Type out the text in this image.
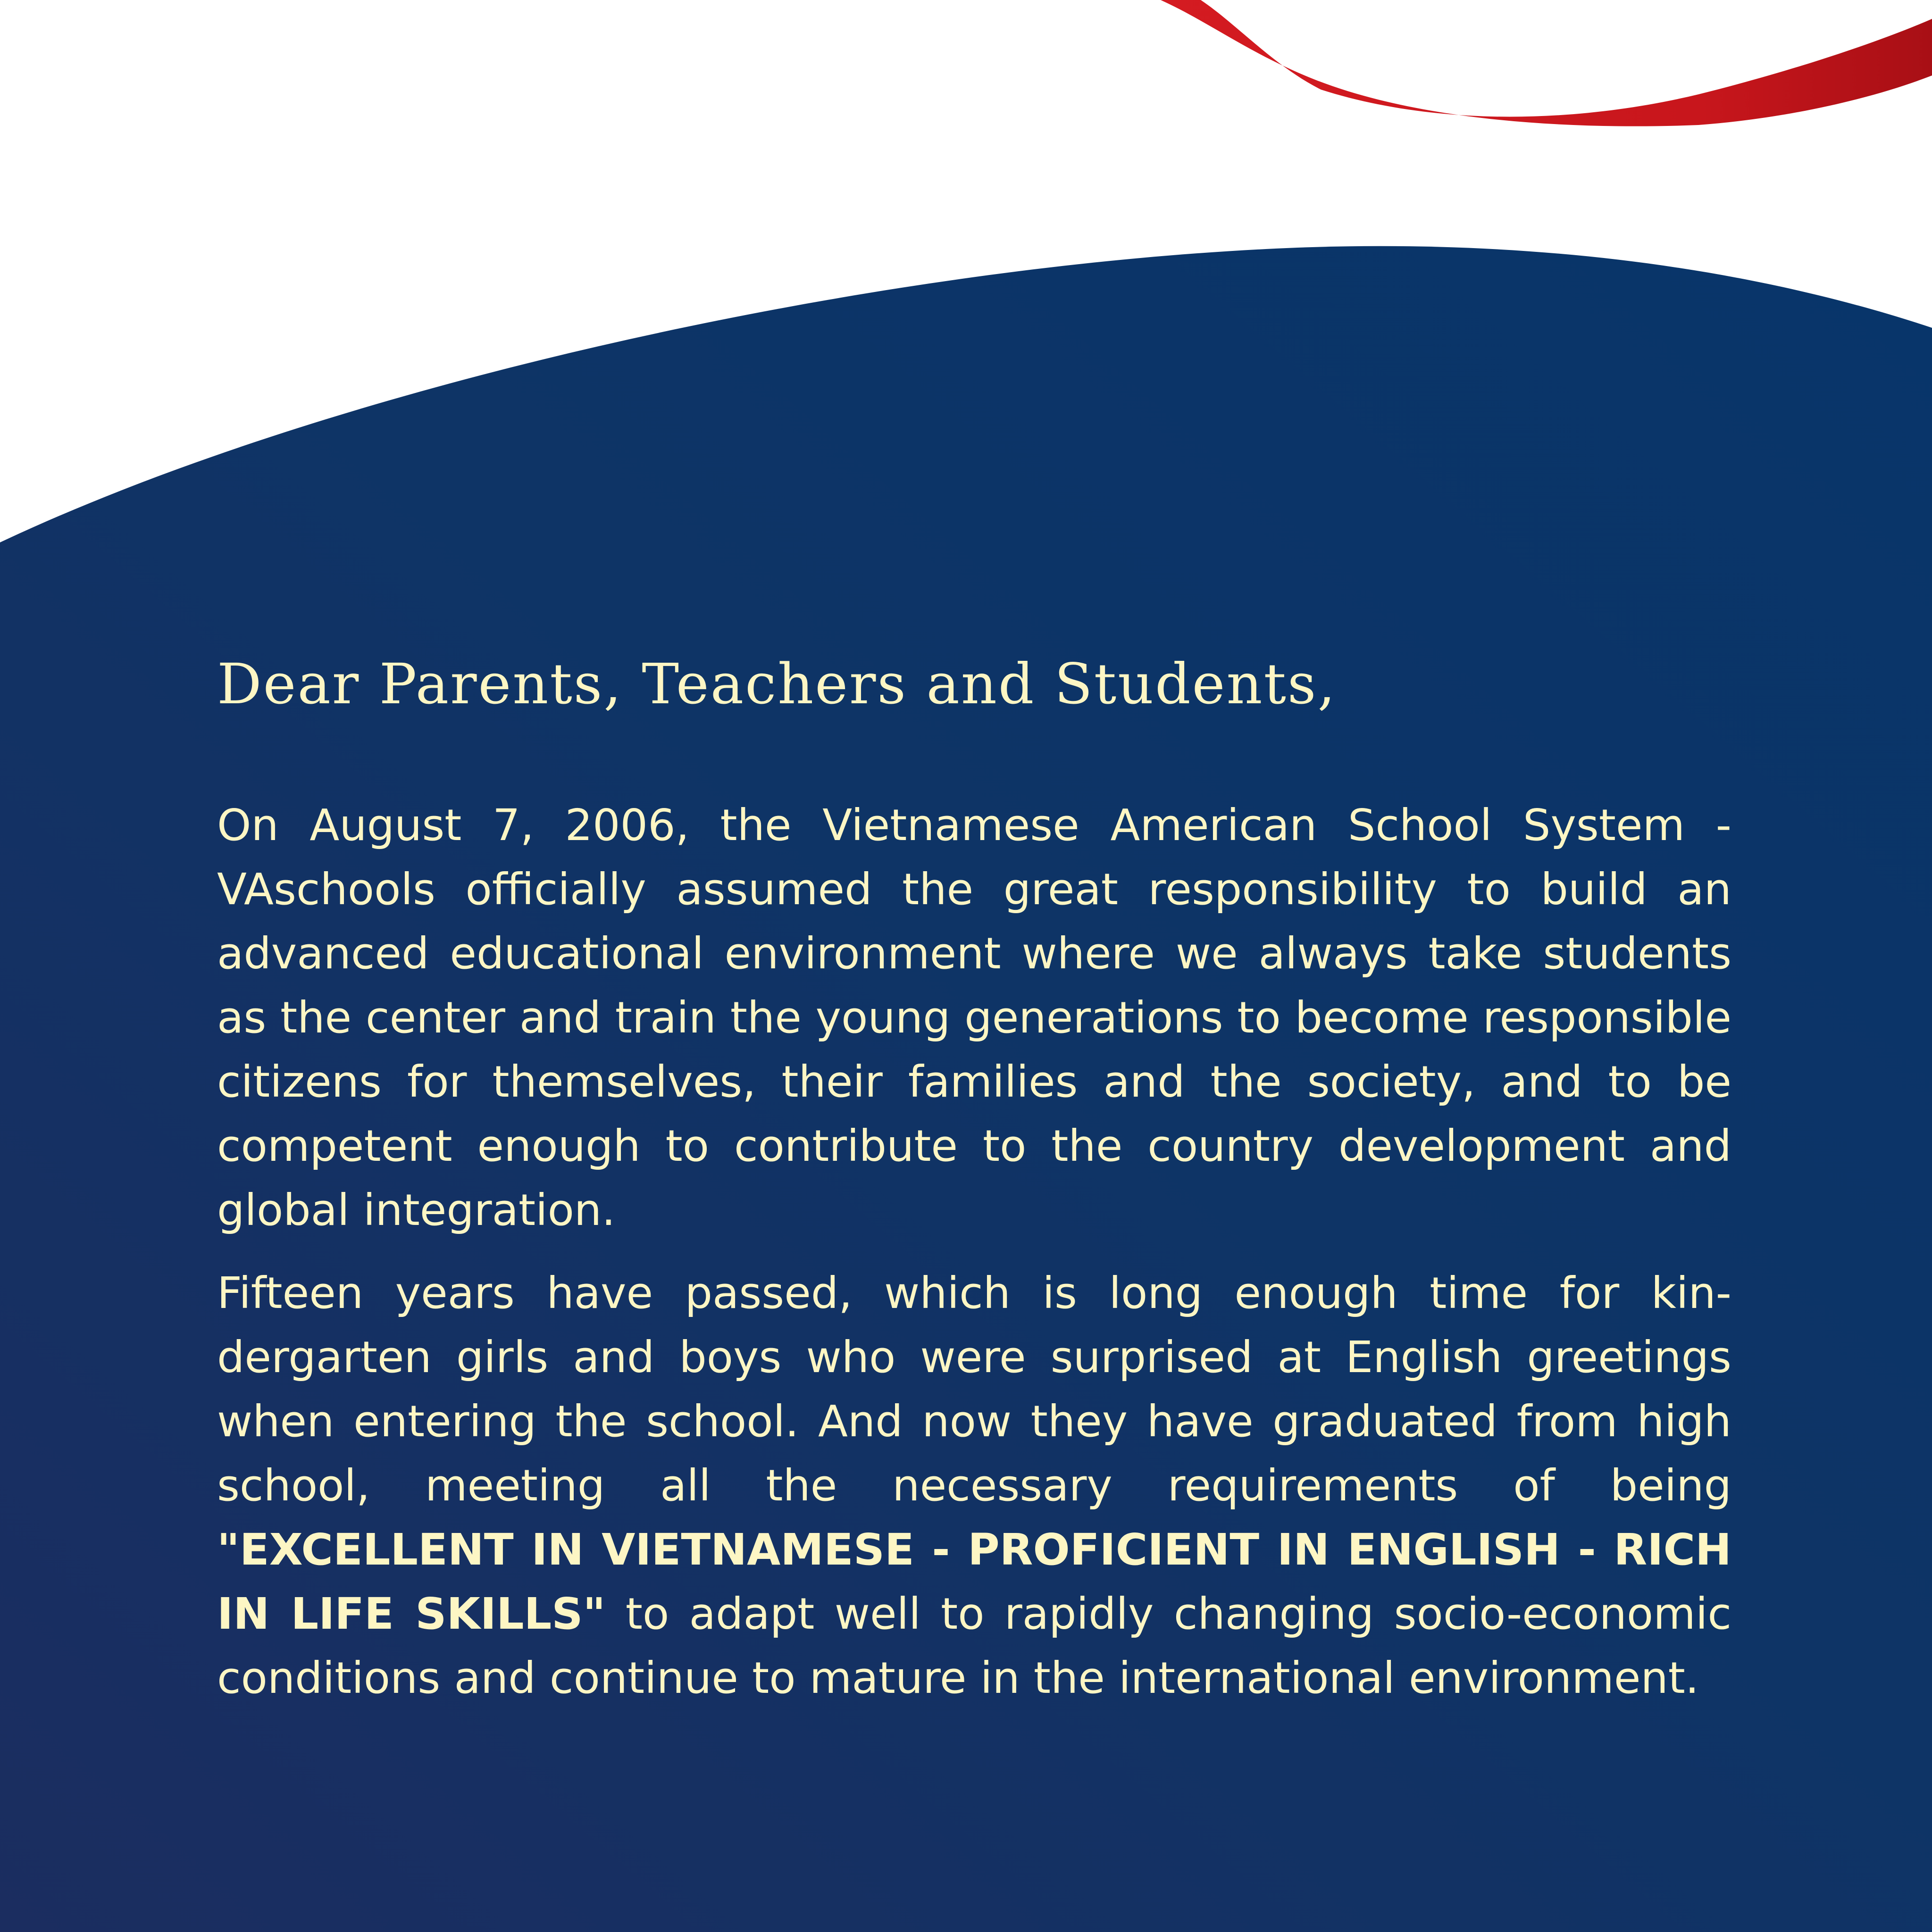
Dear Parents, Teachers and Students,

On August 7, 2006, the Vietnamese American School System - VAschools officially assumed the great responsibility to build an advanced educational environment where we always take students as the center and train the young generations to become responsible citizens for themselves, their families and the society, and to be competent enough to contribute to the country development and global integration.

Fifteen years have passed, which is long enough time for kindergarten girls and boys who were surprised at English greetings when entering the school. And now they have graduated from high school, meeting all the necessary requirements of being "EXCELLENT IN VIETNAMESE - PROFICIENT IN ENGLISH - RICH IN LIFE SKILLS" to adapt well to rapidly changing socio-economic conditions and continue to mature in the international environment.
